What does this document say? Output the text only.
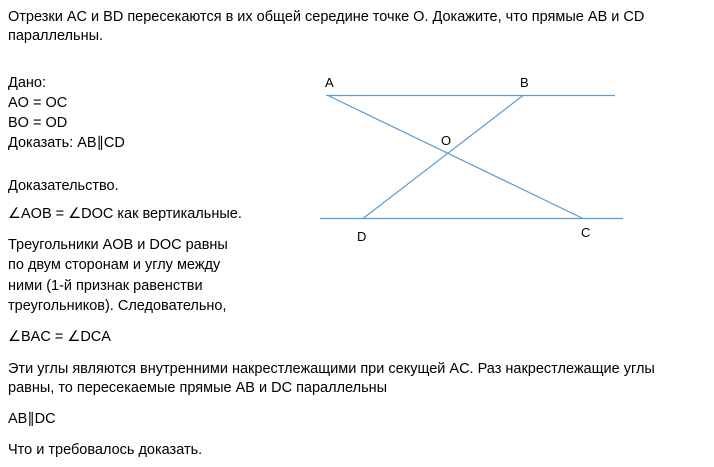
Отрезки AC и BD пересекаются в их общей середине точке О. Докажите, что прямые AB и CD
параллельны.
Дано:
AO = OC
BO = OD
Доказать: AB∥CD
Доказательство.
∠AOB = ∠DOC как вертикальные.
Треугольники AOB и DOC равны
по двум сторонам и углу между
ними (1-й признак равенстви
треугольников). Следовательно,
∠BAC = ∠DCA
Эти углы являются внутренними накрестлежащими при секущей AC. Раз накрестлежащие углы
равны, то пересекаемые прямые AB и DC параллельны
AB∥DC
Что и требовалось доказать.
A	B
O
D	C
